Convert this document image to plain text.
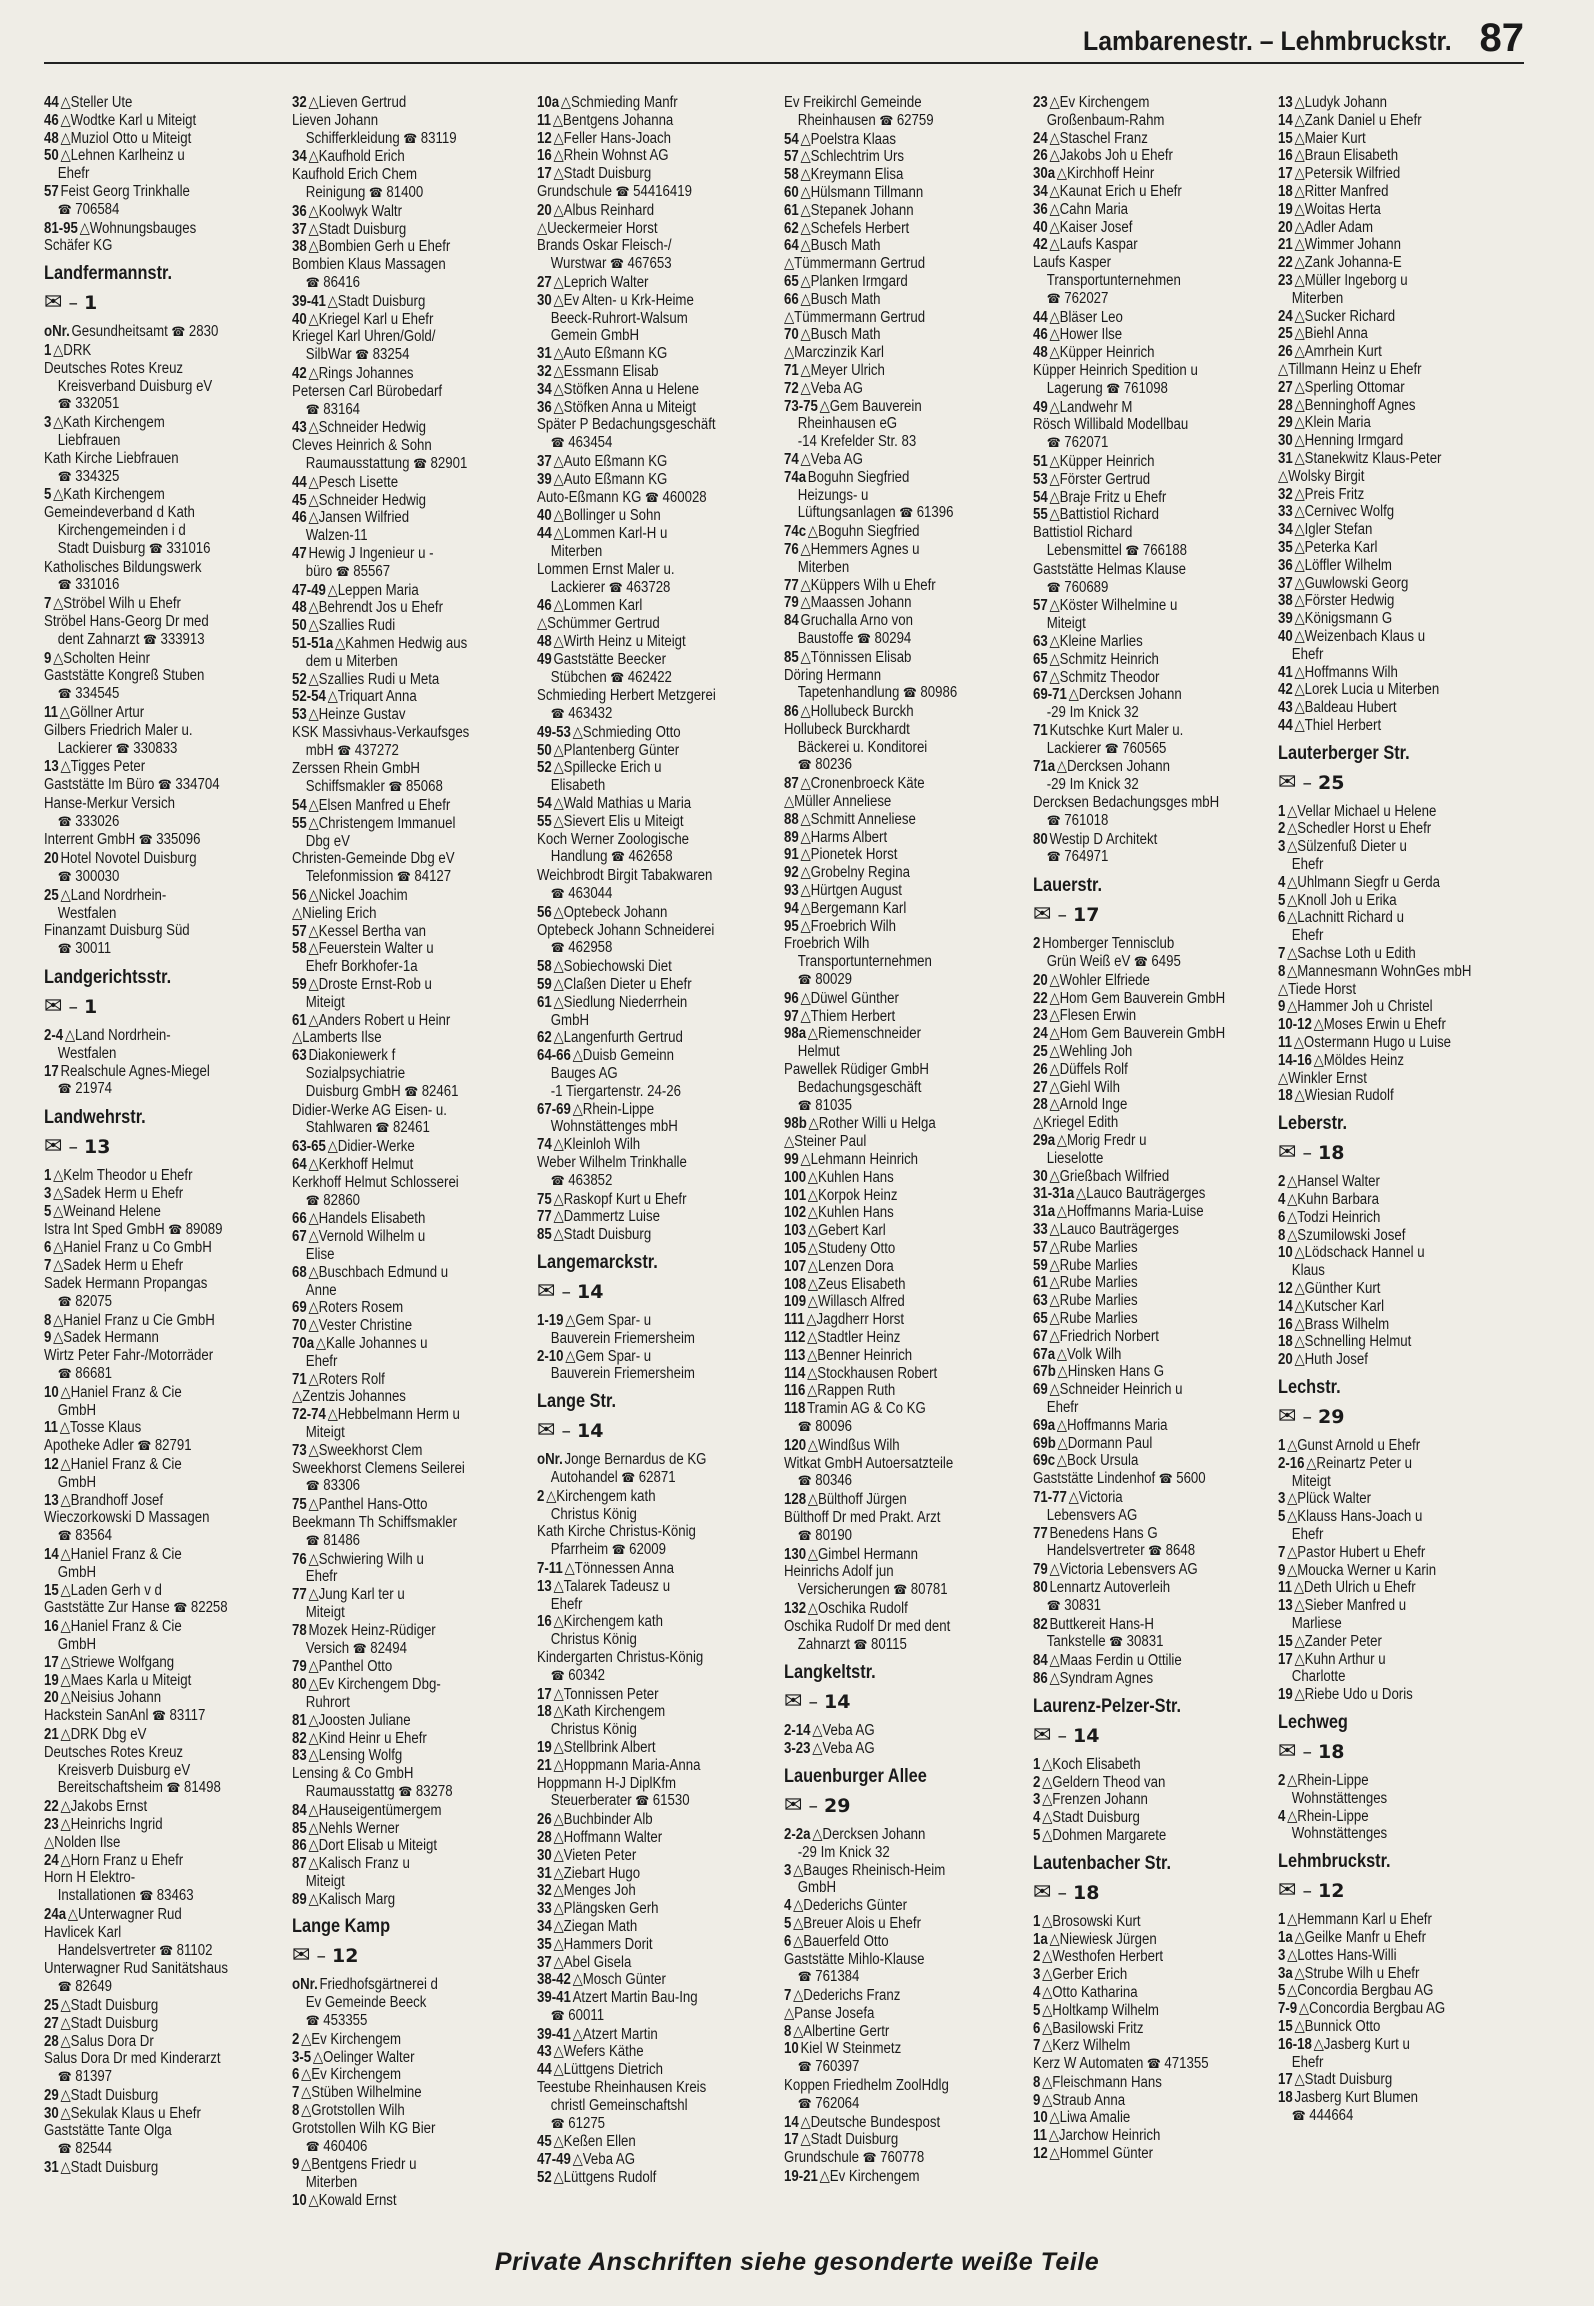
Lambarenestr. – Lehmbruckstr. 87
44 △Steller Ute
46 △Wodtke Karl u Miteigt
48 △Muziol Otto u Miteigt
50 △Lehnen Karlheinz u
Ehefr
57 Feist Georg Trinkhalle
☎ 706584
81-95 △Wohnungsbauges
Schäfer KG
Landfermannstr.
✉ – 1
oNr. Gesundheitsamt ☎ 2830
1 △DRK
Deutsches Rotes Kreuz
Kreisverband Duisburg eV
☎ 332051
3 △Kath Kirchengem
Liebfrauen
Kath Kirche Liebfrauen
☎ 334325
5 △Kath Kirchengem
Gemeindeverband d Kath
Kirchengemeinden i d
Stadt Duisburg ☎ 331016
Katholisches Bildungswerk
☎ 331016
7 △Ströbel Wilh u Ehefr
Ströbel Hans-Georg Dr med
dent Zahnarzt ☎ 333913
9 △Scholten Heinr
Gaststätte Kongreß Stuben
☎ 334545
11 △Göllner Artur
Gilbers Friedrich Maler u.
Lackierer ☎ 330833
13 △Tigges Peter
Gaststätte Im Büro ☎ 334704
Hanse-Merkur Versich
☎ 333026
Interrent GmbH ☎ 335096
20 Hotel Novotel Duisburg
☎ 300030
25 △Land Nordrhein-
Westfalen
Finanzamt Duisburg Süd
☎ 30011
Landgerichtsstr.
✉ – 1
2-4 △Land Nordrhein-
Westfalen
17 Realschule Agnes-Miegel
☎ 21974
Landwehrstr.
✉ – 13
1 △Kelm Theodor u Ehefr
3 △Sadek Herm u Ehefr
5 △Weinand Helene
Istra Int Sped GmbH ☎ 89089
6 △Haniel Franz u Co GmbH
7 △Sadek Herm u Ehefr
Sadek Hermann Propangas
☎ 82075
8 △Haniel Franz u Cie GmbH
9 △Sadek Hermann
Wirtz Peter Fahr-/Motorräder
☎ 86681
10 △Haniel Franz & Cie
GmbH
11 △Tosse Klaus
Apotheke Adler ☎ 82791
12 △Haniel Franz & Cie
GmbH
13 △Brandhoff Josef
Wieczorkowski D Massagen
☎ 83564
14 △Haniel Franz & Cie
GmbH
15 △Laden Gerh v d
Gaststätte Zur Hanse ☎ 82258
16 △Haniel Franz & Cie
GmbH
17 △Striewe Wolfgang
19 △Maes Karla u Miteigt
20 △Neisius Johann
Hackstein SanAnl ☎ 83117
21 △DRK Dbg eV
Deutsches Rotes Kreuz
Kreisverb Duisburg eV
Bereitschaftsheim ☎ 81498
22 △Jakobs Ernst
23 △Heinrichs Ingrid
△Nolden Ilse
24 △Horn Franz u Ehefr
Horn H Elektro-
Installationen ☎ 83463
24a △Unterwagner Rud
Havlicek Karl
Handelsvertreter ☎ 81102
Unterwagner Rud Sanitätshaus
☎ 82649
25 △Stadt Duisburg
27 △Stadt Duisburg
28 △Salus Dora Dr
Salus Dora Dr med Kinderarzt
☎ 81397
29 △Stadt Duisburg
30 △Sekulak Klaus u Ehefr
Gaststätte Tante Olga
☎ 82544
31 △Stadt Duisburg
32 △Lieven Gertrud
Lieven Johann
Schifferkleidung ☎ 83119
34 △Kaufhold Erich
Kaufhold Erich Chem
Reinigung ☎ 81400
36 △Koolwyk Waltr
37 △Stadt Duisburg
38 △Bombien Gerh u Ehefr
Bombien Klaus Massagen
☎ 86416
39-41 △Stadt Duisburg
40 △Kriegel Karl u Ehefr
Kriegel Karl Uhren/Gold/
SilbWar ☎ 83254
42 △Rings Johannes
Petersen Carl Bürobedarf
☎ 83164
43 △Schneider Hedwig
Cleves Heinrich & Sohn
Raumausstattung ☎ 82901
44 △Pesch Lisette
45 △Schneider Hedwig
46 △Jansen Wilfried
Walzen-11
47 Hewig J Ingenieur u -
büro ☎ 85567
47-49 △Leppen Maria
48 △Behrendt Jos u Ehefr
50 △Szallies Rudi
51-51a △Kahmen Hedwig aus
dem u Miterben
52 △Szallies Rudi u Meta
52-54 △Triquart Anna
53 △Heinze Gustav
KSK Massivhaus-Verkaufsges
mbH ☎ 437272
Zerssen Rhein GmbH
Schiffsmakler ☎ 85068
54 △Elsen Manfred u Ehefr
55 △Christengem Immanuel
Dbg eV
Christen-Gemeinde Dbg eV
Telefonmission ☎ 84127
56 △Nickel Joachim
△Nieling Erich
57 △Kessel Bertha van
58 △Feuerstein Walter u
Ehefr Borkhofer-1a
59 △Droste Ernst-Rob u
Miteigt
61 △Anders Robert u Heinr
△Lamberts Ilse
63 Diakoniewerk f
Sozialpsychiatrie
Duisburg GmbH ☎ 82461
Didier-Werke AG Eisen- u.
Stahlwaren ☎ 82461
63-65 △Didier-Werke
64 △Kerkhoff Helmut
Kerkhoff Helmut Schlosserei
☎ 82860
66 △Handels Elisabeth
67 △Vernold Wilhelm u
Elise
68 △Buschbach Edmund u
Anne
69 △Roters Rosem
70 △Vester Christine
70a △Kalle Johannes u
Ehefr
71 △Roters Rolf
△Zentzis Johannes
72-74 △Hebbelmann Herm u
Miteigt
73 △Sweekhorst Clem
Sweekhorst Clemens Seilerei
☎ 83306
75 △Panthel Hans-Otto
Beekmann Th Schiffsmakler
☎ 81486
76 △Schwiering Wilh u
Ehefr
77 △Jung Karl ter u
Miteigt
78 Mozek Heinz-Rüdiger
Versich ☎ 82494
79 △Panthel Otto
80 △Ev Kirchengem Dbg-
Ruhrort
81 △Joosten Juliane
82 △Kind Heinr u Ehefr
83 △Lensing Wolfg
Lensing & Co GmbH
Raumausstattg ☎ 83278
84 △Hauseigentümergem
85 △Nehls Werner
86 △Dort Elisab u Miteigt
87 △Kalisch Franz u
Miteigt
89 △Kalisch Marg
Lange Kamp
✉ – 12
oNr. Friedhofsgärtnerei d
Ev Gemeinde Beeck
☎ 453355
2 △Ev Kirchengem
3-5 △Oelinger Walter
6 △Ev Kirchengem
7 △Stüben Wilhelmine
8 △Grotstollen Wilh
Grotstollen Wilh KG Bier
☎ 460406
9 △Bentgens Friedr u
Miterben
10 △Kowald Ernst
10a △Schmieding Manfr
11 △Bentgens Johanna
12 △Feller Hans-Joach
16 △Rhein Wohnst AG
17 △Stadt Duisburg
Grundschule ☎ 54416419
20 △Albus Reinhard
△Ueckermeier Horst
Brands Oskar Fleisch-/
Wurstwar ☎ 467653
27 △Leprich Walter
30 △Ev Alten- u Krk-Heime
Beeck-Ruhrort-Walsum
Gemein GmbH
31 △Auto Eßmann KG
32 △Essmann Elisab
34 △Stöfken Anna u Helene
36 △Stöfken Anna u Miteigt
Später P Bedachungsgeschäft
☎ 463454
37 △Auto Eßmann KG
39 △Auto Eßmann KG
Auto-Eßmann KG ☎ 460028
40 △Bollinger u Sohn
44 △Lommen Karl-H u
Miterben
Lommen Ernst Maler u.
Lackierer ☎ 463728
46 △Lommen Karl
△Schümmer Gertrud
48 △Wirth Heinz u Miteigt
49 Gaststätte Beecker
Stübchen ☎ 462422
Schmieding Herbert Metzgerei
☎ 463432
49-53 △Schmieding Otto
50 △Plantenberg Günter
52 △Spillecke Erich u
Elisabeth
54 △Wald Mathias u Maria
55 △Sievert Elis u Miteigt
Koch Werner Zoologische
Handlung ☎ 462658
Weichbrodt Birgit Tabakwaren
☎ 463044
56 △Optebeck Johann
Optebeck Johann Schneiderei
☎ 462958
58 △Sobiechowski Diet
59 △Claßen Dieter u Ehefr
61 △Siedlung Niederrhein
GmbH
62 △Langenfurth Gertrud
64-66 △Duisb Gemeinn
Bauges AG
-1 Tiergartenstr. 24-26
67-69 △Rhein-Lippe
Wohnstättenges mbH
74 △Kleinloh Wilh
Weber Wilhelm Trinkhalle
☎ 463852
75 △Raskopf Kurt u Ehefr
77 △Dammertz Luise
85 △Stadt Duisburg
Langemarckstr.
✉ – 14
1-19 △Gem Spar- u
Bauverein Friemersheim
2-10 △Gem Spar- u
Bauverein Friemersheim
Lange Str.
✉ – 14
oNr. Jonge Bernardus de KG
Autohandel ☎ 62871
2 △Kirchengem kath
Christus König
Kath Kirche Christus-König
Pfarrheim ☎ 62009
7-11 △Tönnessen Anna
13 △Talarek Tadeusz u
Ehefr
16 △Kirchengem kath
Christus König
Kindergarten Christus-König
☎ 60342
17 △Tonnissen Peter
18 △Kath Kirchengem
Christus König
19 △Stellbrink Albert
21 △Hoppmann Maria-Anna
Hoppmann H-J DiplKfm
Steuerberater ☎ 61530
26 △Buchbinder Alb
28 △Hoffmann Walter
30 △Vieten Peter
31 △Ziebart Hugo
32 △Menges Joh
33 △Plängsken Gerh
34 △Ziegan Math
35 △Hammers Dorit
37 △Abel Gisela
38-42 △Mosch Günter
39-41 Atzert Martin Bau-Ing
☎ 60011
39-41 △Atzert Martin
43 △Wefers Käthe
44 △Lüttgens Dietrich
Teestube Rheinhausen Kreis
christl Gemeinschaftshl
☎ 61275
45 △Keßen Ellen
47-49 △Veba AG
52 △Lüttgens Rudolf
Ev Freikirchl Gemeinde
Rheinhausen ☎ 62759
54 △Poelstra Klaas
57 △Schlechtrim Urs
58 △Kreymann Elisa
60 △Hülsmann Tillmann
61 △Stepanek Johann
62 △Schefels Herbert
64 △Busch Math
△Tümmermann Gertrud
65 △Planken Irmgard
66 △Busch Math
△Tümmermann Gertrud
70 △Busch Math
△Marczinzik Karl
71 △Meyer Ulrich
72 △Veba AG
73-75 △Gem Bauverein
Rheinhausen eG
-14 Krefelder Str. 83
74 △Veba AG
74a Boguhn Siegfried
Heizungs- u
Lüftungsanlagen ☎ 61396
74c △Boguhn Siegfried
76 △Hemmers Agnes u
Miterben
77 △Küppers Wilh u Ehefr
79 △Maassen Johann
84 Gruchalla Arno von
Baustoffe ☎ 80294
85 △Tönnissen Elisab
Döring Hermann
Tapetenhandlung ☎ 80986
86 △Hollubeck Burckh
Hollubeck Burckhardt
Bäckerei u. Konditorei
☎ 80236
87 △Cronenbroeck Käte
△Müller Anneliese
88 △Schmitt Anneliese
89 △Harms Albert
91 △Pionetek Horst
92 △Grobelny Regina
93 △Hürtgen August
94 △Bergemann Karl
95 △Froebrich Wilh
Froebrich Wilh
Transportunternehmen
☎ 80029
96 △Düwel Günther
97 △Thiem Herbert
98a △Riemenschneider
Helmut
Pawellek Rüdiger GmbH
Bedachungsgeschäft
☎ 81035
98b △Rother Willi u Helga
△Steiner Paul
99 △Lehmann Heinrich
100 △Kuhlen Hans
101 △Korpok Heinz
102 △Kuhlen Hans
103 △Gebert Karl
105 △Studeny Otto
107 △Lenzen Dora
108 △Zeus Elisabeth
109 △Willasch Alfred
111 △Jagdherr Horst
112 △Stadtler Heinz
113 △Benner Heinrich
114 △Stockhausen Robert
116 △Rappen Ruth
118 Tramin AG & Co KG
☎ 80096
120 △Windßus Wilh
Witkat GmbH Autoersatzteile
☎ 80346
128 △Bülthoff Jürgen
Bülthoff Dr med Prakt. Arzt
☎ 80190
130 △Gimbel Hermann
Heinrichs Adolf jun
Versicherungen ☎ 80781
132 △Oschika Rudolf
Oschika Rudolf Dr med dent
Zahnarzt ☎ 80115
Langkeltstr.
✉ – 14
2-14 △Veba AG
3-23 △Veba AG
Lauenburger Allee
✉ – 29
2-2a △Dercksen Johann
-29 Im Knick 32
3 △Bauges Rheinisch-Heim
GmbH
4 △Dederichs Günter
5 △Breuer Alois u Ehefr
6 △Bauerfeld Otto
Gaststätte Mihlo-Klause
☎ 761384
7 △Dederichs Franz
△Panse Josefa
8 △Albertine Gertr
10 Kiel W Steinmetz
☎ 760397
Koppen Friedhelm ZoolHdlg
☎ 762064
14 △Deutsche Bundespost
17 △Stadt Duisburg
Grundschule ☎ 760778
19-21 △Ev Kirchengem
23 △Ev Kirchengem
Großenbaum-Rahm
24 △Staschel Franz
26 △Jakobs Joh u Ehefr
30a △Kirchhoff Heinr
34 △Kaunat Erich u Ehefr
36 △Cahn Maria
40 △Kaiser Josef
42 △Laufs Kaspar
Laufs Kasper
Transportunternehmen
☎ 762027
44 △Bläser Leo
46 △Hower Ilse
48 △Küpper Heinrich
Küpper Heinrich Spedition u
Lagerung ☎ 761098
49 △Landwehr M
Rösch Willibald Modellbau
☎ 762071
51 △Küpper Heinrich
53 △Förster Gertrud
54 △Braje Fritz u Ehefr
55 △Battistiol Richard
Battistiol Richard
Lebensmittel ☎ 766188
Gaststätte Helmas Klause
☎ 760689
57 △Köster Wilhelmine u
Miteigt
63 △Kleine Marlies
65 △Schmitz Heinrich
67 △Schmitz Theodor
69-71 △Dercksen Johann
-29 Im Knick 32
71 Kutschke Kurt Maler u.
Lackierer ☎ 760565
71a △Dercksen Johann
-29 Im Knick 32
Dercksen Bedachungsges mbH
☎ 761018
80 Westip D Architekt
☎ 764971
Lauerstr.
✉ – 17
2 Homberger Tennisclub
Grün Weiß eV ☎ 6495
20 △Wohler Elfriede
22 △Hom Gem Bauverein GmbH
23 △Flesen Erwin
24 △Hom Gem Bauverein GmbH
25 △Wehling Joh
26 △Düffels Rolf
27 △Giehl Wilh
28 △Arnold Inge
△Kriegel Edith
29a △Morig Fredr u
Lieselotte
30 △Grießbach Wilfried
31-31a △Lauco Bauträgerges
31a △Hoffmanns Maria-Luise
33 △Lauco Bauträgerges
57 △Rube Marlies
59 △Rube Marlies
61 △Rube Marlies
63 △Rube Marlies
65 △Rube Marlies
67 △Friedrich Norbert
67a △Volk Wilh
67b △Hinsken Hans G
69 △Schneider Heinrich u
Ehefr
69a △Hoffmanns Maria
69b △Dormann Paul
69c △Bock Ursula
Gaststätte Lindenhof ☎ 5600
71-77 △Victoria
Lebensvers AG
77 Benedens Hans G
Handelsvertreter ☎ 8648
79 △Victoria Lebensvers AG
80 Lennartz Autoverleih
☎ 30831
82 Buttkereit Hans-H
Tankstelle ☎ 30831
84 △Maas Ferdin u Ottilie
86 △Syndram Agnes
Laurenz-Pelzer-Str.
✉ – 14
1 △Koch Elisabeth
2 △Geldern Theod van
3 △Frenzen Johann
4 △Stadt Duisburg
5 △Dohmen Margarete
Lautenbacher Str.
✉ – 18
1 △Brosowski Kurt
1a △Niewiesk Jürgen
2 △Westhofen Herbert
3 △Gerber Erich
4 △Otto Katharina
5 △Holtkamp Wilhelm
6 △Basilowski Fritz
7 △Kerz Wilhelm
Kerz W Automaten ☎ 471355
8 △Fleischmann Hans
9 △Straub Anna
10 △Liwa Amalie
11 △Jarchow Heinrich
12 △Hommel Günter
13 △Ludyk Johann
14 △Zank Daniel u Ehefr
15 △Maier Kurt
16 △Braun Elisabeth
17 △Petersik Wilfried
18 △Ritter Manfred
19 △Woitas Herta
20 △Adler Adam
21 △Wimmer Johann
22 △Zank Johanna-E
23 △Müller Ingeborg u
Miterben
24 △Sucker Richard
25 △Biehl Anna
26 △Amrhein Kurt
△Tillmann Heinz u Ehefr
27 △Sperling Ottomar
28 △Benninghoff Agnes
29 △Klein Maria
30 △Henning Irmgard
31 △Stanekwitz Klaus-Peter
△Wolsky Birgit
32 △Preis Fritz
33 △Cernivec Wolfg
34 △Igler Stefan
35 △Peterka Karl
36 △Löffler Wilhelm
37 △Guwlowski Georg
38 △Förster Hedwig
39 △Königsmann G
40 △Weizenbach Klaus u
Ehefr
41 △Hoffmanns Wilh
42 △Lorek Lucia u Miterben
43 △Baldeau Hubert
44 △Thiel Herbert
Lauterberger Str.
✉ – 25
1 △Vellar Michael u Helene
2 △Schedler Horst u Ehefr
3 △Sülzenfuß Dieter u
Ehefr
4 △Uhlmann Siegfr u Gerda
5 △Knoll Joh u Erika
6 △Lachnitt Richard u
Ehefr
7 △Sachse Loth u Edith
8 △Mannesmann WohnGes mbH
△Tiede Horst
9 △Hammer Joh u Christel
10-12 △Moses Erwin u Ehefr
11 △Ostermann Hugo u Luise
14-16 △Möldes Heinz
△Winkler Ernst
18 △Wiesian Rudolf
Leberstr.
✉ – 18
2 △Hansel Walter
4 △Kuhn Barbara
6 △Todzi Heinrich
8 △Szumilowski Josef
10 △Lödschack Hannel u
Klaus
12 △Günther Kurt
14 △Kutscher Karl
16 △Brass Wilhelm
18 △Schnelling Helmut
20 △Huth Josef
Lechstr.
✉ – 29
1 △Gunst Arnold u Ehefr
2-16 △Reinartz Peter u
Miteigt
3 △Plück Walter
5 △Klauss Hans-Joach u
Ehefr
7 △Pastor Hubert u Ehefr
9 △Moucka Werner u Karin
11 △Deth Ulrich u Ehefr
13 △Sieber Manfred u
Marliese
15 △Zander Peter
17 △Kuhn Arthur u
Charlotte
19 △Riebe Udo u Doris
Lechweg
✉ – 18
2 △Rhein-Lippe
Wohnstättenges
4 △Rhein-Lippe
Wohnstättenges
Lehmbruckstr.
✉ – 12
1 △Hemmann Karl u Ehefr
1a △Geilke Manfr u Ehefr
3 △Lottes Hans-Willi
3a △Strube Wilh u Ehefr
5 △Concordia Bergbau AG
7-9 △Concordia Bergbau AG
15 △Bunnick Otto
16-18 △Jasberg Kurt u
Ehefr
17 △Stadt Duisburg
18 Jasberg Kurt Blumen
☎ 444664
Private Anschriften siehe gesonderte weiße Teile
